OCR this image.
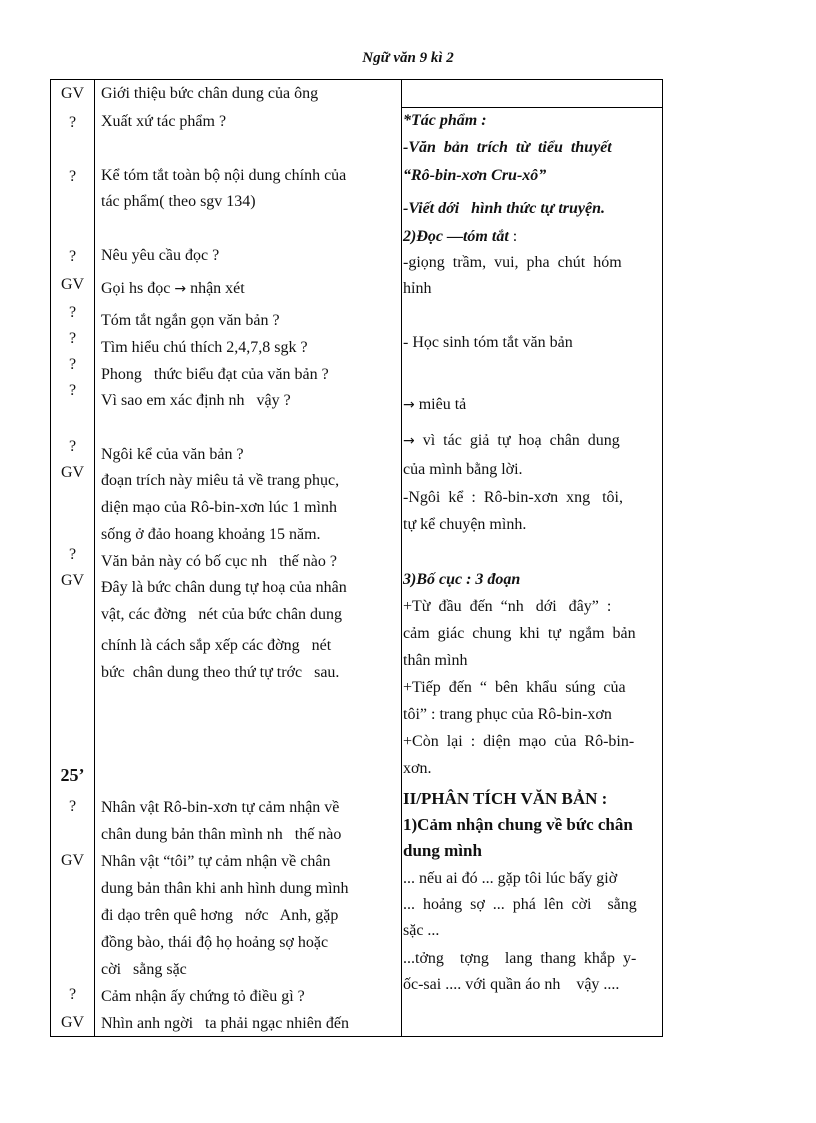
Ngữ văn 9 kì 2
GV
?
?
?
GV
?
?
?
?
?
GV
?
GV
25’
?
GV
?
GV
Giới thiệu bức chân dung của ông
Xuất xứ tác phẩm ?
Kể tóm tắt toàn bộ nội dung chính của
tác phẩm( theo sgv 134)
Nêu yêu cầu đọc ?
Gọi hs đọc → nhận xét
Tóm tắt ngắn gọn văn bản ?
Tìm hiểu chú thích 2,4,7,8 sgk ?
Phong   thức biểu đạt của văn bản ?
Vì sao em xác định nh   vậy ?
Ngôi kể của văn bản ?
đoạn trích này miêu tả về trang phục,
diện mạo của Rô-bin-xơn lúc 1 mình
sống ở đảo hoang khoảng 15 năm.
Văn bản này có bố cục nh   thế nào ?
Đây là bức chân dung tự hoạ của nhân
vật, các đờng   nét của bức chân dung
chính là cách sắp xếp các đờng   nét
bức  chân dung theo thứ tự trớc   sau.
Nhân vật Rô-bin-xơn tự cảm nhận về
chân dung bản thân mình nh   thế nào
Nhân vật “tôi” tự cảm nhận về chân
dung bản thân khi anh hình dung mình
đi dạo trên quê hơng   nớc   Anh, gặp
đồng bào, thái độ họ hoảng sợ hoặc
cời   sằng sặc
Cảm nhận ấy chứng tỏ điều gì ?
Nhìn anh ngời   ta phải ngạc nhiên đến
*Tác phẩm :
-Văn  bản  trích  từ  tiểu  thuyết
“Rô-bin-xơn Cru-xô”
-Viết dới   hình thức tự truyện.
2)Đọc —tóm tắt :
-giọng  trầm,  vui,  pha  chút  hóm
hỉnh
- Học sinh tóm tắt văn bản
→ miêu tả
→  vì  tác  giả  tự  hoạ  chân  dung
của mình bằng lời.
-Ngôi  kể  :  Rô-bin-xơn  xng   tôi,
tự kể chuyện mình.
3)Bố cục : 3 đoạn
+Từ  đầu  đến  “nh   dới   đây”  :
cảm  giác  chung  khi  tự  ngắm  bản
thân mình
+Tiếp  đến  “  bên  khẩu  súng  của
tôi” : trang phục của Rô-bin-xơn
+Còn  lại  :  diện  mạo  của  Rô-bin-
xơn.
II/PHÂN TÍCH VĂN BẢN :
1)Cảm nhận chung về bức chân
dung mình
... nếu ai đó ... gặp tôi lúc bấy giờ
...  hoảng  sợ  ...  phá  lên  cời    sằng
sặc ...
...tởng    tợng    lang  thang  khắp  y-
ốc-sai .... với quần áo nh    vậy ....
